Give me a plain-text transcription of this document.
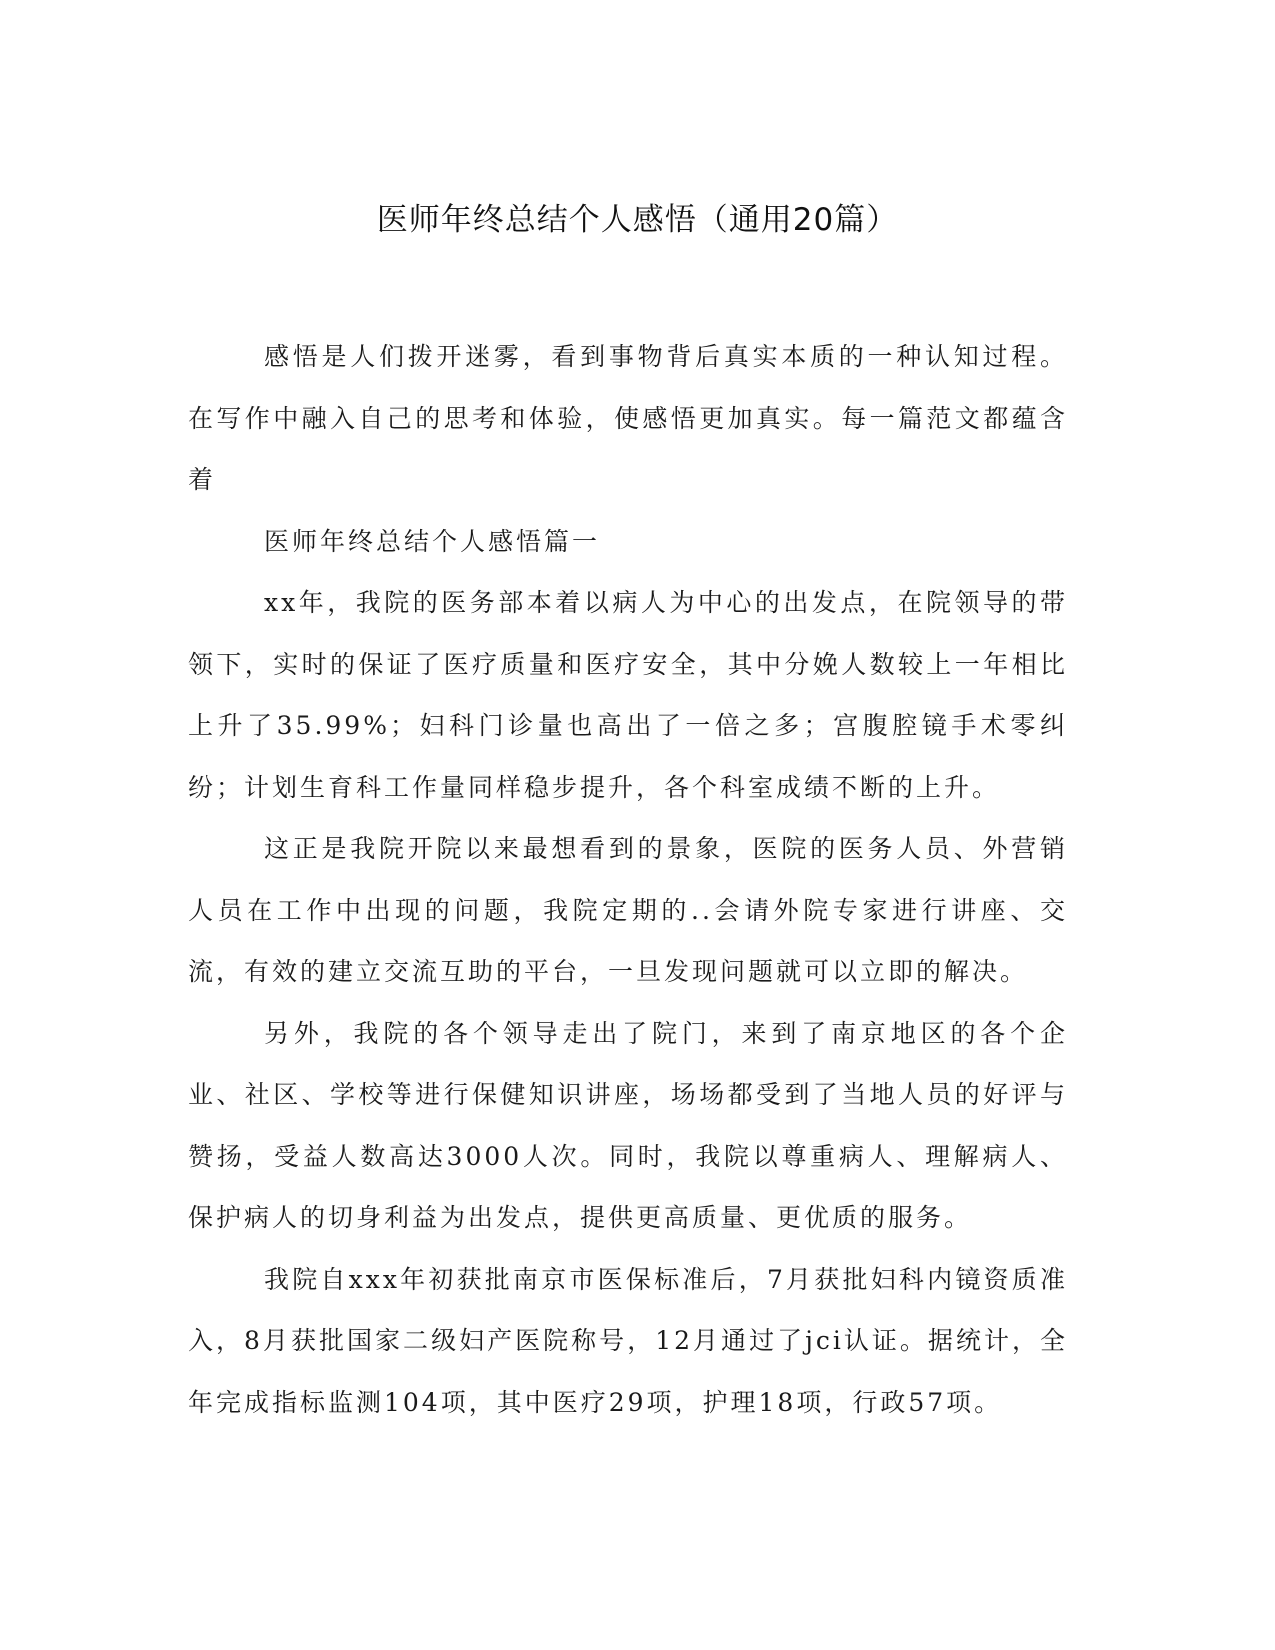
医师年终总结个人感悟（通用20篇）

感悟是人们拨开迷雾，看到事物背后真实本质的一种认知过程。在写作中融入自己的思考和体验，使感悟更加真实。每一篇范文都蕴含着

医师年终总结个人感悟篇一

xx年，我院的医务部本着以病人为中心的出发点，在院领导的带领下，实时的保证了医疗质量和医疗安全，其中分娩人数较上一年相比上升了35.99%；妇科门诊量也高出了一倍之多；宫腹腔镜手术零纠纷；计划生育科工作量同样稳步提升，各个科室成绩不断的上升。

这正是我院开院以来最想看到的景象，医院的医务人员、外营销人员在工作中出现的问题，我院定期的..会请外院专家进行讲座、交流，有效的建立交流互助的平台，一旦发现问题就可以立即的解决。

另外，我院的各个领导走出了院门，来到了南京地区的各个企业、社区、学校等进行保健知识讲座，场场都受到了当地人员的好评与赞扬，受益人数高达3000人次。同时，我院以尊重病人、理解病人、保护病人的切身利益为出发点，提供更高质量、更优质的服务。

我院自xxx年初获批南京市医保标准后，7月获批妇科内镜资质准入，8月获批国家二级妇产医院称号，12月通过了jci认证。据统计，全年完成指标监测104项，其中医疗29项，护理18项，行政57项。
